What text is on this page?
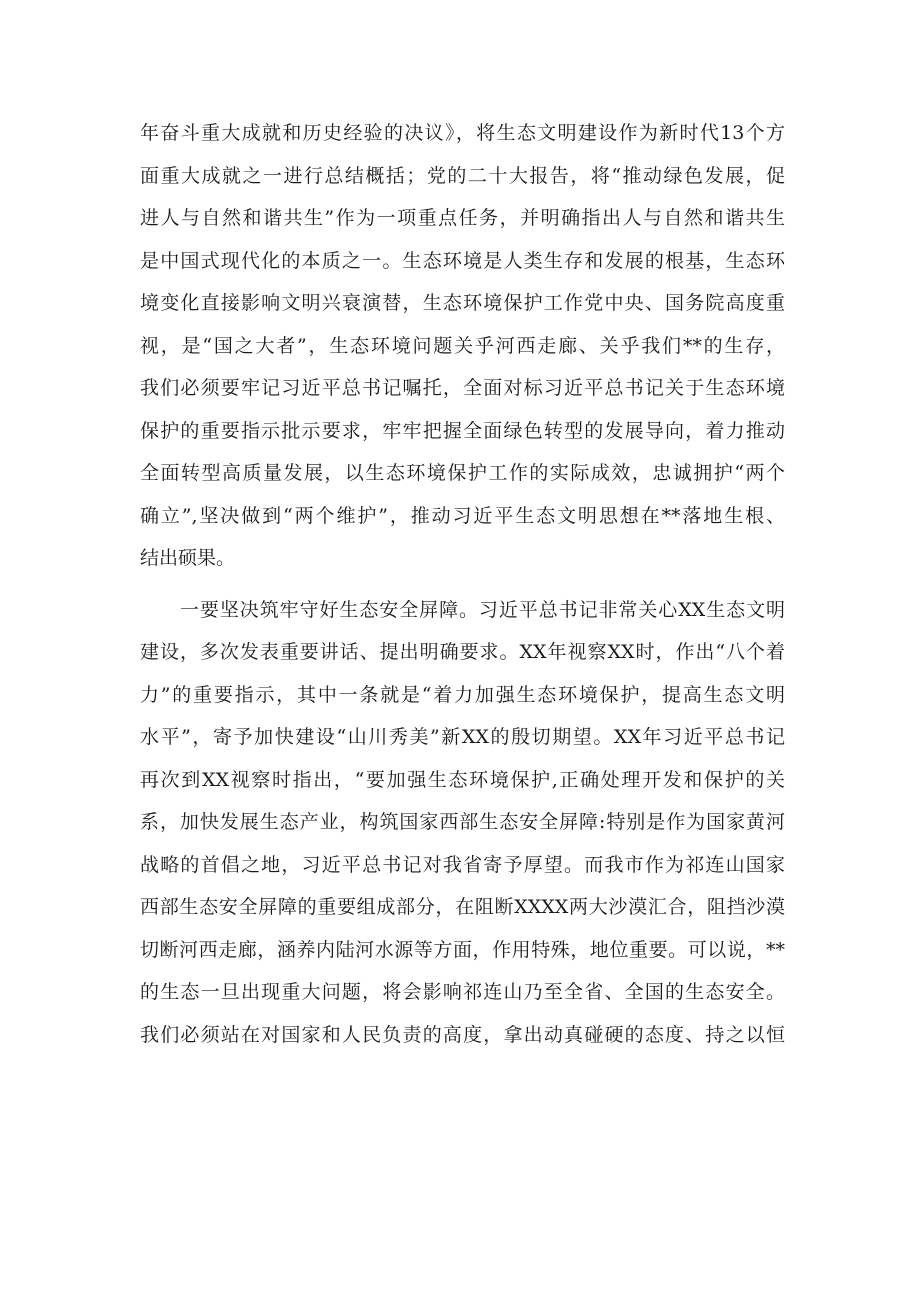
年奋斗重大成就和历史经验的决议》，将生态文明建设作为新时代13个方
面重大成就之一进行总结概括；党的二十大报告，将“推动绿色发展，促
进人与自然和谐共生”作为一项重点任务，并明确指出人与自然和谐共生
是中国式现代化的本质之一。生态环境是人类生存和发展的根基，生态环
境变化直接影响文明兴衰演替，生态环境保护工作党中央、国务院高度重
视，是“国之大者”，生态环境问题关乎河西走廊、关乎我们**的生存，
我们必须要牢记习近平总书记嘱托，全面对标习近平总书记关于生态环境
保护的重要指示批示要求，牢牢把握全面绿色转型的发展导向，着力推动
全面转型高质量发展，以生态环境保护工作的实际成效，忠诚拥护“两个
确立”,坚决做到“两个维护”，推动习近平生态文明思想在**落地生根、
结出硕果。
一要坚决筑牢守好生态安全屏障。习近平总书记非常关心XX生态文明
建设，多次发表重要讲话、提出明确要求。XX年视察XX时，作出“八个着
力”的重要指示，其中一条就是“着力加强生态环境保护，提高生态文明
水平”，寄予加快建设“山川秀美”新XX的殷切期望。XX年习近平总书记
再次到XX视察时指出，“要加强生态环境保护,正确处理开发和保护的关
系，加快发展生态产业，构筑国家西部生态安全屏障:特别是作为国家黄河
战略的首倡之地，习近平总书记对我省寄予厚望。而我市作为祁连山国家
西部生态安全屏障的重要组成部分，在阻断XXXX两大沙漠汇合，阻挡沙漠
切断河西走廊，涵养内陆河水源等方面，作用特殊，地位重要。可以说，**
的生态一旦出现重大问题，将会影响祁连山乃至全省、全国的生态安全。
我们必须站在对国家和人民负责的高度，拿出动真碰硬的态度、持之以恒
